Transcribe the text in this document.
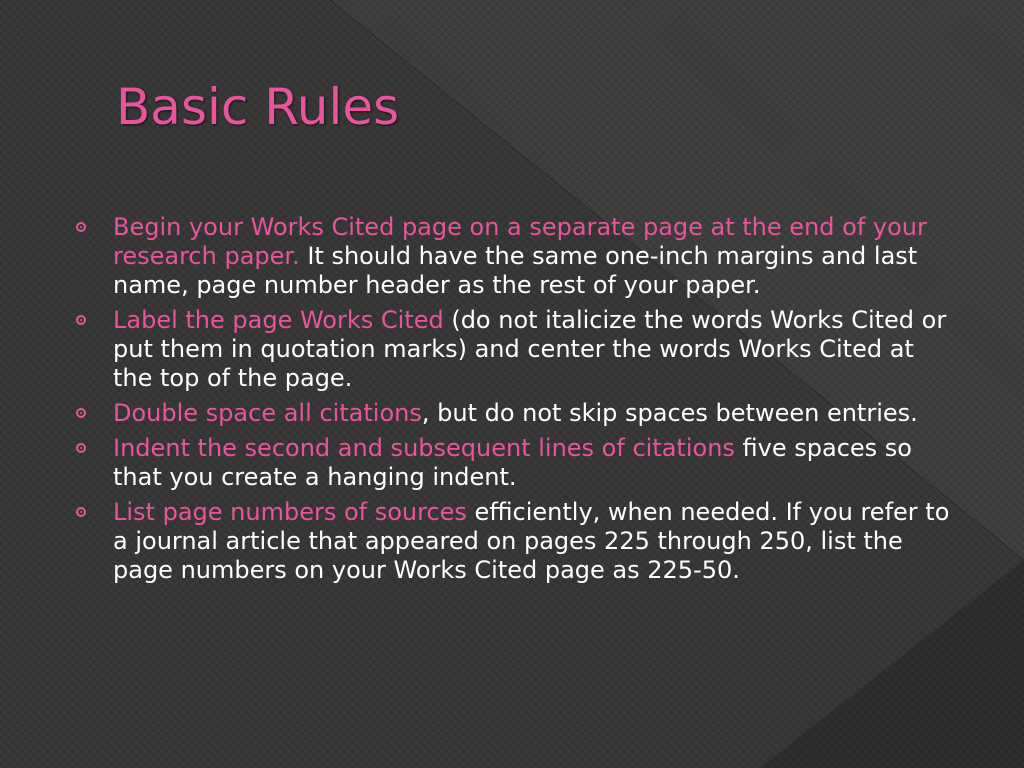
Basic Rules
Begin your Works Cited page on a separate page at the end of your research paper. It should have the same one-inch margins and last name, page number header as the rest of your paper.
Label the page Works Cited (do not italicize the words Works Cited or put them in quotation marks) and center the words Works Cited at the top of the page.
Double space all citations, but do not skip spaces between entries.
Indent the second and subsequent lines of citations five spaces so that you create a hanging indent.
List page numbers of sources efficiently, when needed. If you refer to a journal article that appeared on pages 225 through 250, list the page numbers on your Works Cited page as 225-50.
